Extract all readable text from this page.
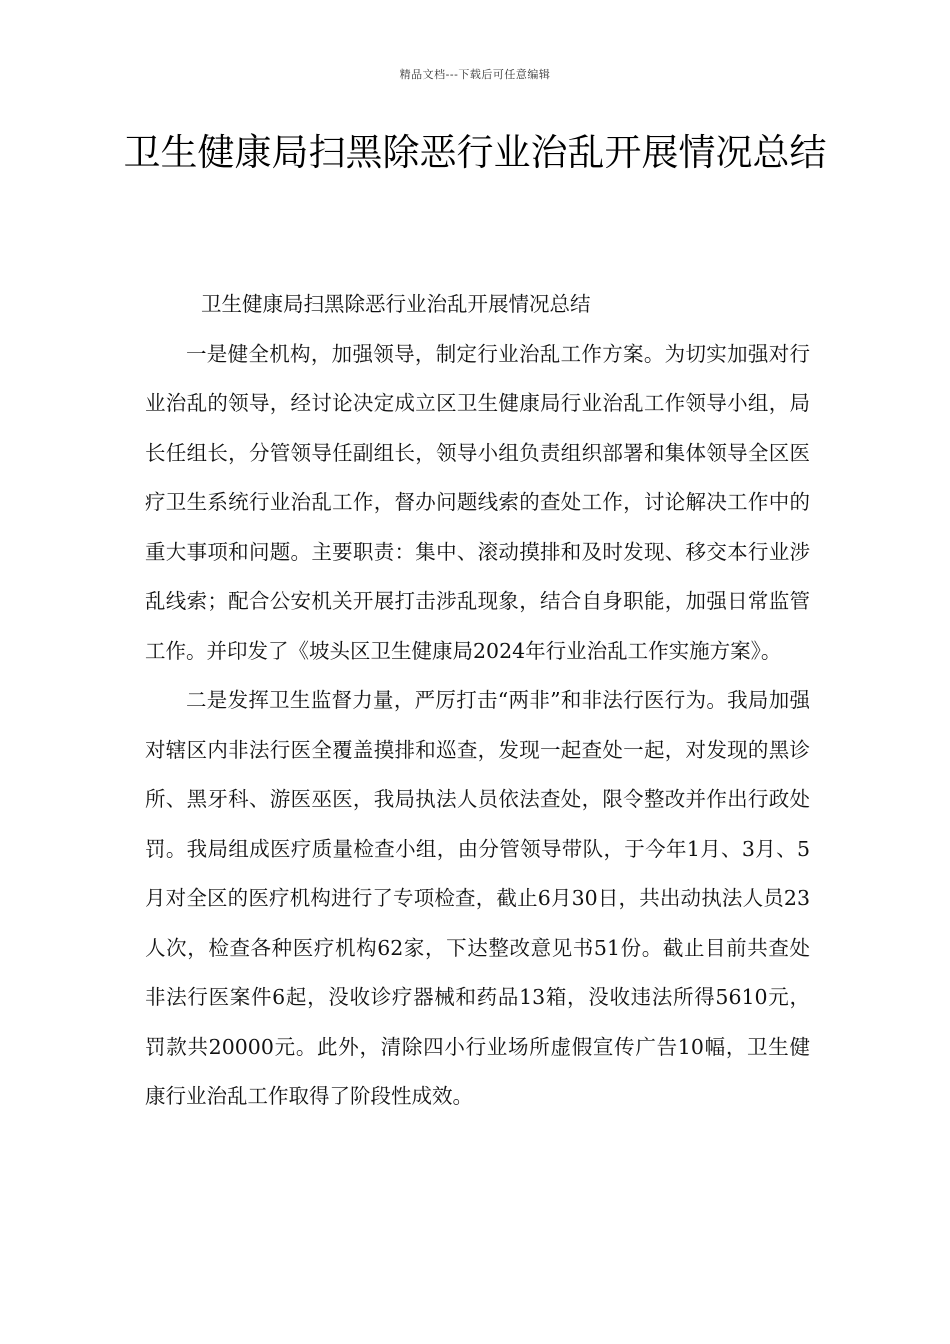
精品文档---下载后可任意编辑
卫生健康局扫黑除恶行业治乱开展情况总结

卫生健康局扫黑除恶行业治乱开展情况总结

一是健全机构，加强领导，制定行业治乱工作方案。为切实加强对行业治乱的领导，经讨论决定成立区卫生健康局行业治乱工作领导小组，局长任组长，分管领导任副组长，领导小组负责组织部署和集体领导全区医疗卫生系统行业治乱工作，督办问题线索的查处工作，讨论解决工作中的重大事项和问题。主要职责：集中、滚动摸排和及时发现、移交本行业涉乱线索；配合公安机关开展打击涉乱现象，结合自身职能，加强日常监管工作。并印发了《坡头区卫生健康局2024年行业治乱工作实施方案》。

二是发挥卫生监督力量，严厉打击“两非”和非法行医行为。我局加强对辖区内非法行医全覆盖摸排和巡查，发现一起查处一起，对发现的黑诊所、黑牙科、游医巫医，我局执法人员依法查处，限令整改并作出行政处罚。我局组成医疗质量检查小组，由分管领导带队，于今年1月、3月、5月对全区的医疗机构进行了专项检查，截止6月30日，共出动执法人员23人次，检查各种医疗机构62家，下达整改意见书51份。截止目前共查处非法行医案件6起，没收诊疗器械和药品13箱，没收违法所得5610元，罚款共20000元。此外，清除四小行业场所虚假宣传广告10幅，卫生健康行业治乱工作取得了阶段性成效。
